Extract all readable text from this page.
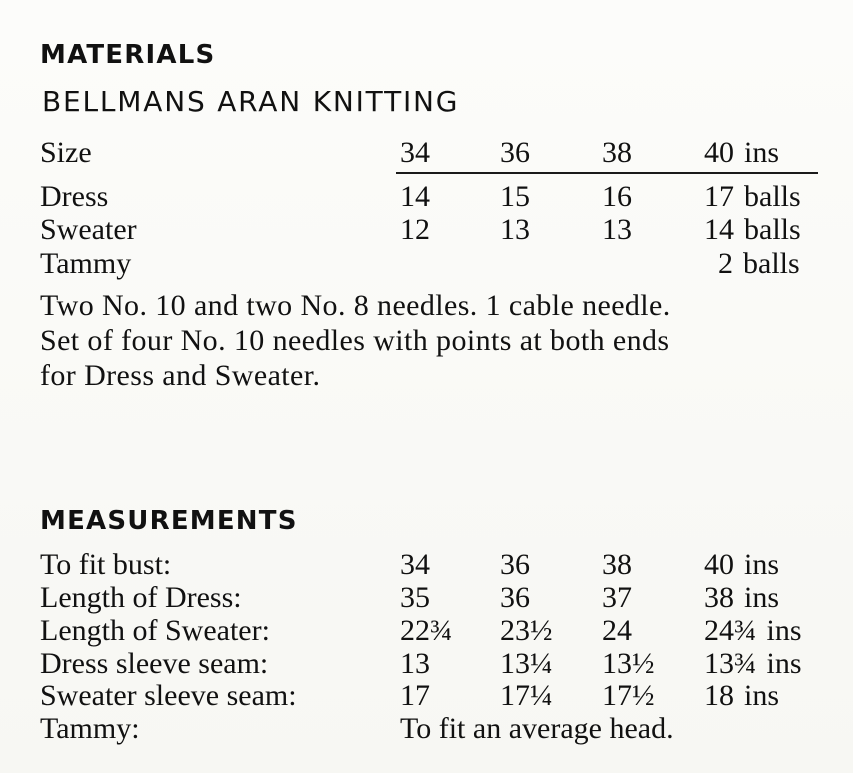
MATERIALS
BELLMANS ARAN KNITTING
Size	34 36 38 40 ins
Dress	14 15 16 17 balls
Sweater	12 13 13 14 balls
Tammy	2 balls
Two No. 10 and two No. 8 needles. 1 cable needle.
Set of four No. 10 needles with points at both ends
for Dress and Sweater.
MEASUREMENTS
To fit bust:	34 36 38 40 ins
Length of Dress:	35 36 37 38 ins
Length of Sweater:	22¾ 23½ 24 24¾ ins
Dress sleeve seam:	13 13¼ 13½ 13¾ ins
Sweater sleeve seam:	17 17¼ 17½ 18 ins
Tammy:	To fit an average head.
